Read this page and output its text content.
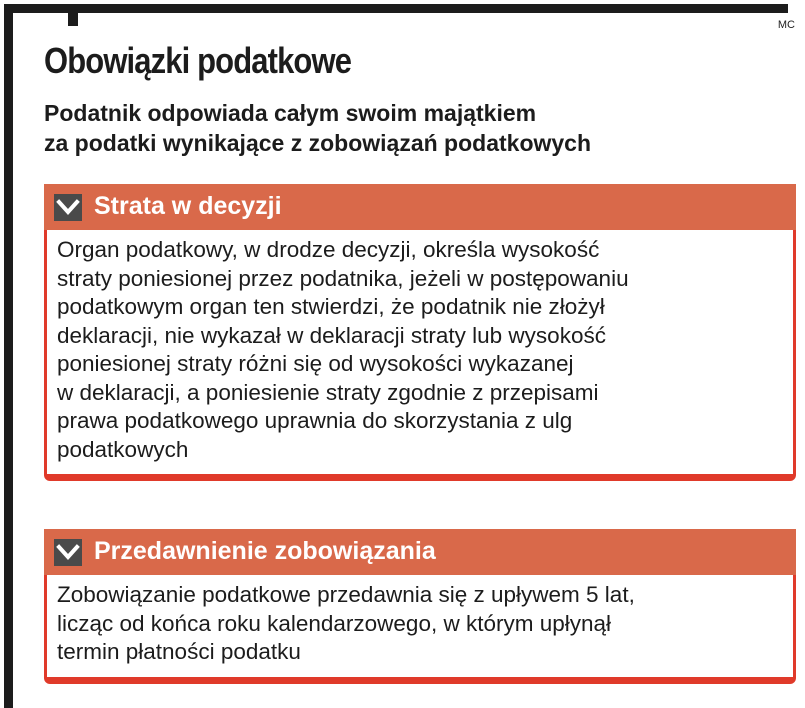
MC
Obowiązki podatkowe

Podatnik odpowiada całym swoim majątkiem
za podatki wynikające z zobowiązań podatkowych

Strata w decyzji

Organ podatkowy, w drodze decyzji, określa wysokość
straty poniesionej przez podatnika, jeżeli w postępowaniu
podatkowym organ ten stwierdzi, że podatnik nie złożył
deklaracji, nie wykazał w deklaracji straty lub wysokość
poniesionej straty różni się od wysokości wykazanej
w deklaracji, a poniesienie straty zgodnie z przepisami
prawa podatkowego uprawnia do skorzystania z ulg
podatkowych

Przedawnienie zobowiązania

Zobowiązanie podatkowe przedawnia się z upływem 5 lat,
licząc od końca roku kalendarzowego, w którym upłynął
termin płatności podatku
